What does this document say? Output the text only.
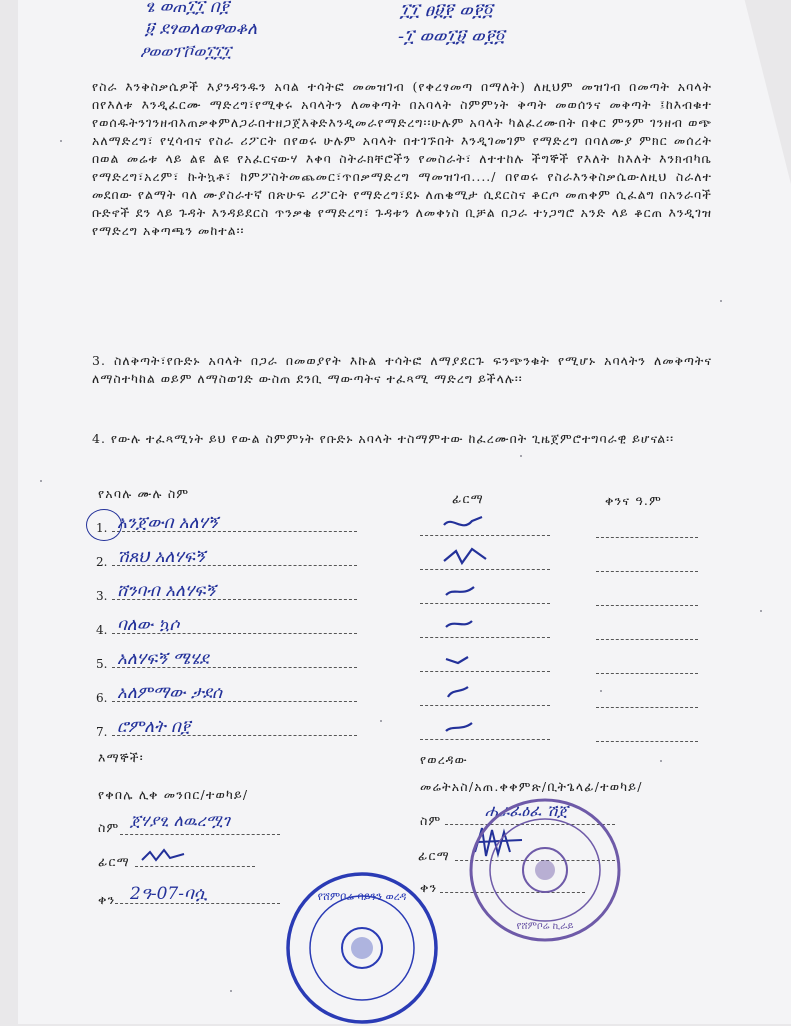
ፄ ወጠ፲፲ በ፻
፱ ደፃወለወዋወቆለ
ፆወወፕቮወ፲፲፲
፲፲ ፀ፱፻ ወ፻፬
-፲ ወወ፲፱ ወ፻፬

የስራ እንቅስቃሴዎች እያንዳንዱን አባል ተሳትፎ መመዝገብ (የቀረፃመጣ በማለት) ለዚህም መዝገብ በመጣት አባላት በየእለቱ እንዲፈርሙ ማድረግ፣የሚቀሩ አባላትን ለመቅጣት በአባላት ስምምነት ቅጣት መወሰንና መቅጣት ፤ከእብቁተ የወሰዱትንገንዘብእጠቃቀምለጋራበተዘጋጀእቅድእንዲመራየማድረግ፡፡ሁሉም አባላት ካልፈረሙበት በቀር ምንም ገንዘብ ወጭ አለማድረግ፣ የሂሳብና የስራ ሪፖርት በየወሩ ሁሉም አባላት በተገኙበት እንዲገመገም የማድረግ በባለሙያ ምክር መሰረት በወል መሬቱ ላይ ልዩ ልዩ የአፈርናውሃ እቀባ ስትራክቸሮችን የመስራት፣ ለተተከሉ ችግኞች የእለት ከእለት እንክብካቤ የማድረግ፣አረም፣ ኩትኳቶ፣ ከምፖስትመጨመር፣ጥበቃማድረግ ማመዝገብ..../ በየወሩ የስራእንቅስቃሴውለዚህ ስራለተ መደበው የልማት ባለ ሙያስራተኛ በጽሁፍ ሪፖርት የማድረግ፣ደኑ ለጠቄሚታ ሲደርስና ቆርጦ መጠቀም ሲፈልግ በአንራባች ቡድኖች ደን ላይ ጉዳት እንዳይደርስ ጥንቃቄ የማድረግ፣ ጉዳቱን ለመቀነስ ቢቻል በጋራ ተነጋግሮ አንድ ላይ ቆርጠ እንዲገዝ የማድረግ አቅጣጫን መከተል፡፡

3. ስለቅጣት፣የቡድኑ አባላት በጋራ በመወያየት እኩል ተሳትፎ ለማያደርጉ ፍንጭንቁት የሚሆኑ አባላትን ለመቅጣትና ለማስተካከል ወይም ለማስወገድ ውስጠ ደንቢ ማውጣትና ተፈጻሚ ማድረግ ይችላሉ፡፡

4. የውሉ ተፈጻሚነት ይህ የውል ስምምነት የቡድኑ አባላት ተስማምተው ከፈረሙበት ጊዜጀምሮተግባራዊ ይሆናል፡፡

የአባሉ ሙሉ ስም	ፊርማ	ቀንና ዓ.ም
1. አንጀውበ አለሃኝ
2. ሽጸህ አለሃፍኝ
3. ሸንባብ አለሃፍኝ
4. ባለው ኳሶ
5. አለሃፍኝ ሜሄደ
6. አለምማው ታደሰ
7. ሮምለት በ፻
እማኞች፡
የቀበሌ ሊቀ መንበር/ተወካይ/
ስም ጀሃያፂ ለዉረሟገ
ፊርማ
ቀን 2ዓ-07-ባሷ
የወረዳው
መሬትአስ/አጠ.ቀቀምጽ/ቢትጌላፊ/ተወካይ/
ስም
ሐራፈዕፈ ሽጀ
ፊርማ
ቀን
የሸምቦሬ ኪራይ
የሸምቦሬ ባይንን ወረዳ
